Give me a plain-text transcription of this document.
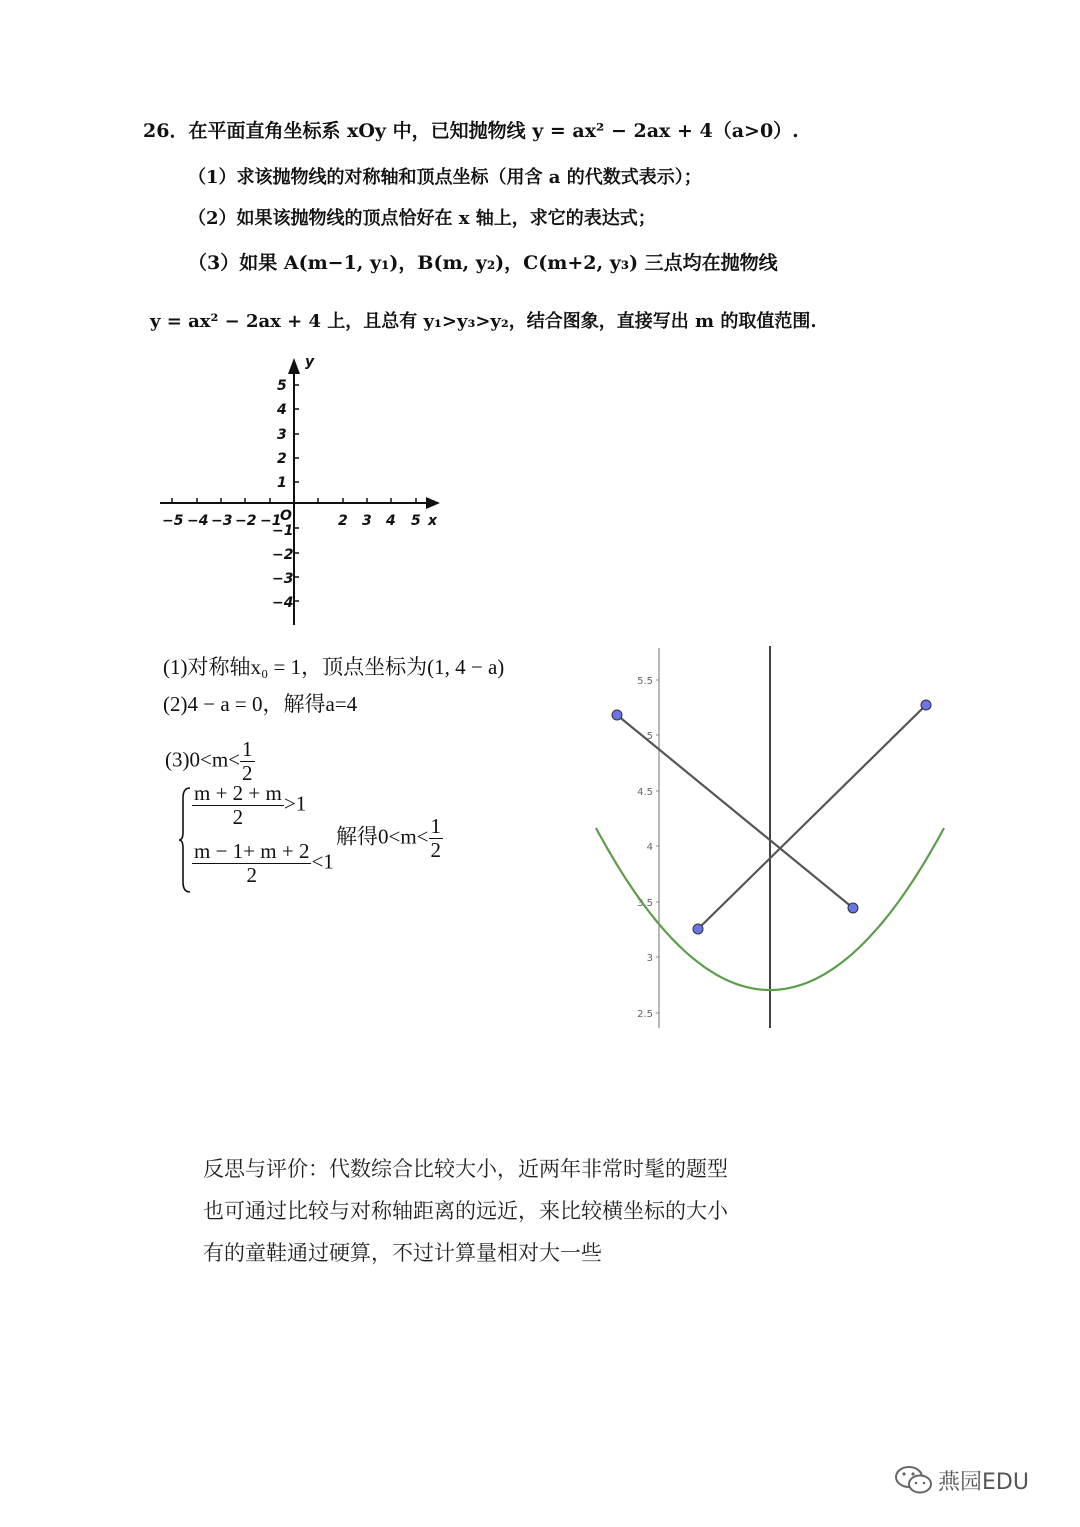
26．在平面直角坐标系 xOy 中，已知抛物线 y = ax² − 2ax + 4（a>0）.
（1）求该抛物线的对称轴和顶点坐标（用含 a 的代数式表示）；
（2）如果该抛物线的顶点恰好在 x 轴上，求它的表达式；
（3）如果 A(m−1, y₁)，B(m, y₂)，C(m+2, y₃) 三点均在抛物线
y = ax² − 2ax + 4 上，且总有 y₁>y₃>y₂，结合图象，直接写出 m 的取值范围.
−5 −4 −3 −2 −1	2 3 4 5 x
y
O
5
4
3
2
1
−1
−2
−3
−4
(1)对称轴x₀ = 1，顶点坐标为(1, 4 − a)
(2)4 − a = 0，解得a=4
$(3)0<m< \frac{1}{2}$
$\frac{m + 2 + m}{2} >1$
$\frac{m - 1+ m + 2}{2} <1$
解得$0<m< \frac{1}{2}$
5.5
5
4.5
4
3.5
3
2.5
反思与评价：代数综合比较大小，近两年非常时髦的题型
也可通过比较与对称轴距离的远近，来比较横坐标的大小
有的童鞋通过硬算，不过计算量相对大一些
燕园EDU
